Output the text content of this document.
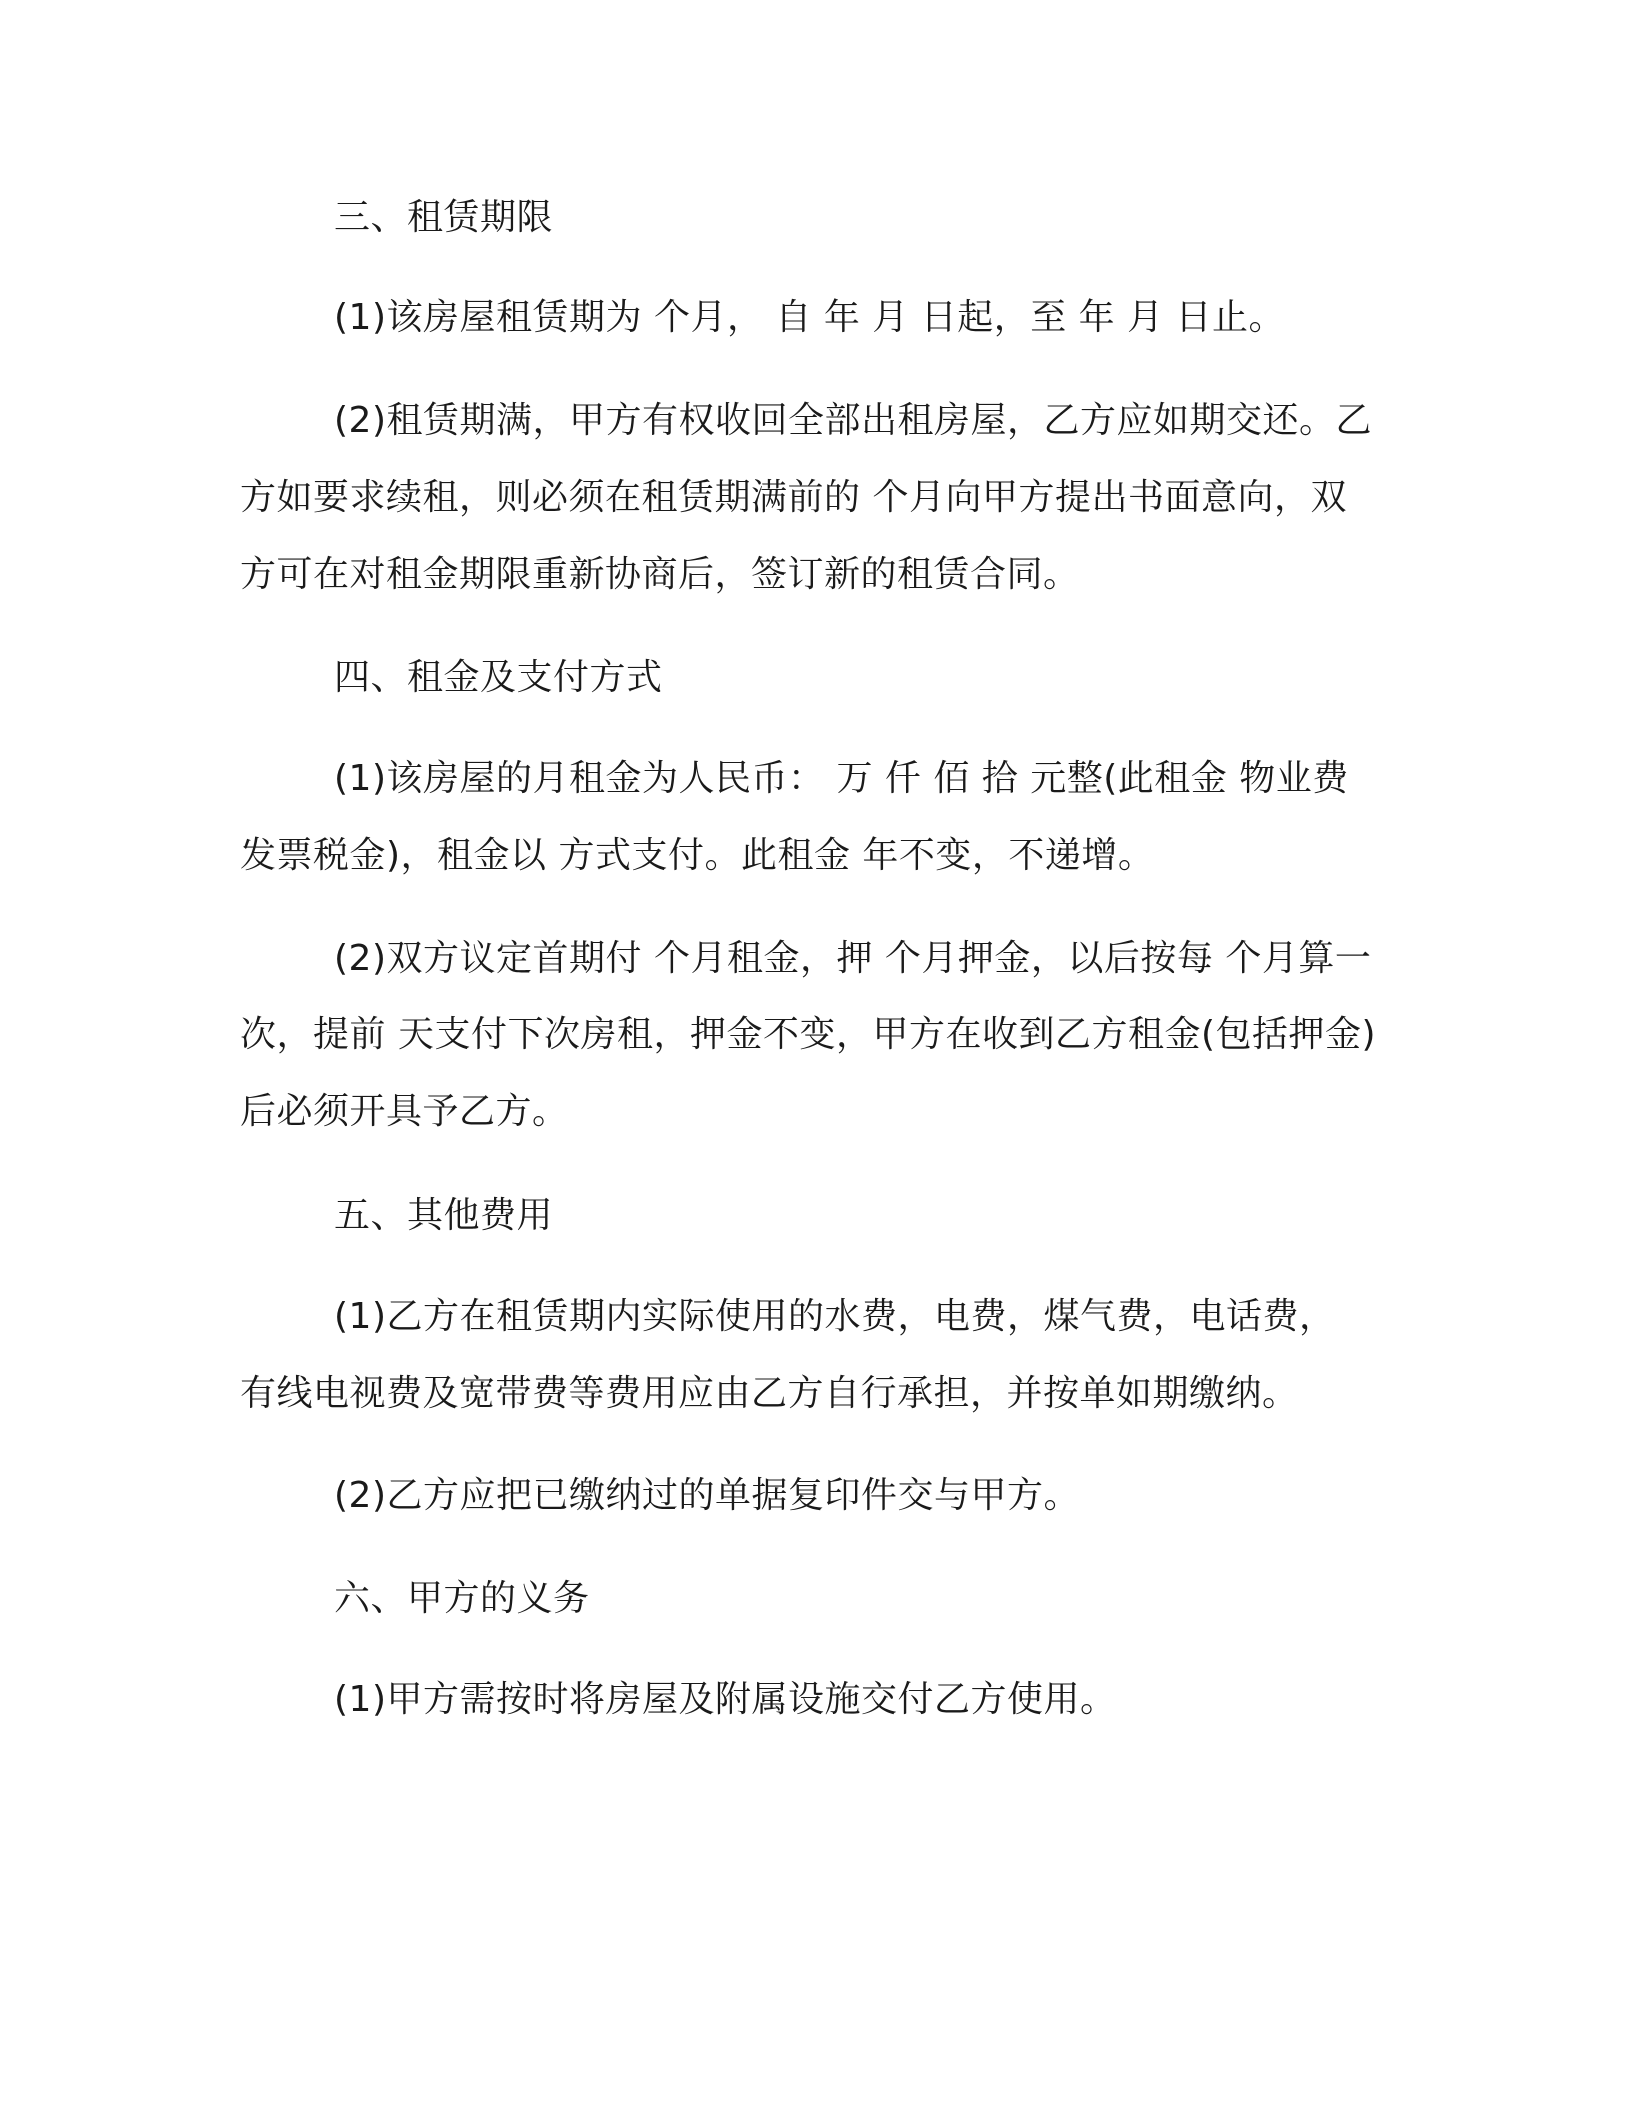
三、租赁期限
(1)该房屋租赁期为 个月， 自 年 月 日起，至 年 月 日止。
(2)租赁期满，甲方有权收回全部出租房屋，乙方应如期交还。乙
方如要求续租，则必须在租赁期满前的 个月向甲方提出书面意向，双
方可在对租金期限重新协商后，签订新的租赁合同。
四、租金及支付方式
(1)该房屋的月租金为人民币： 万 仟 佰 拾 元整(此租金 物业费
发票税金)，租金以 方式支付。此租金 年不变，不递增。
(2)双方议定首期付 个月租金，押 个月押金，以后按每 个月算一
次，提前 天支付下次房租，押金不变，甲方在收到乙方租金(包括押金)
后必须开具予乙方。
五、其他费用
(1)乙方在租赁期内实际使用的水费，电费，煤气费，电话费，
有线电视费及宽带费等费用应由乙方自行承担，并按单如期缴纳。
(2)乙方应把已缴纳过的单据复印件交与甲方。
六、甲方的义务
(1)甲方需按时将房屋及附属设施交付乙方使用。
